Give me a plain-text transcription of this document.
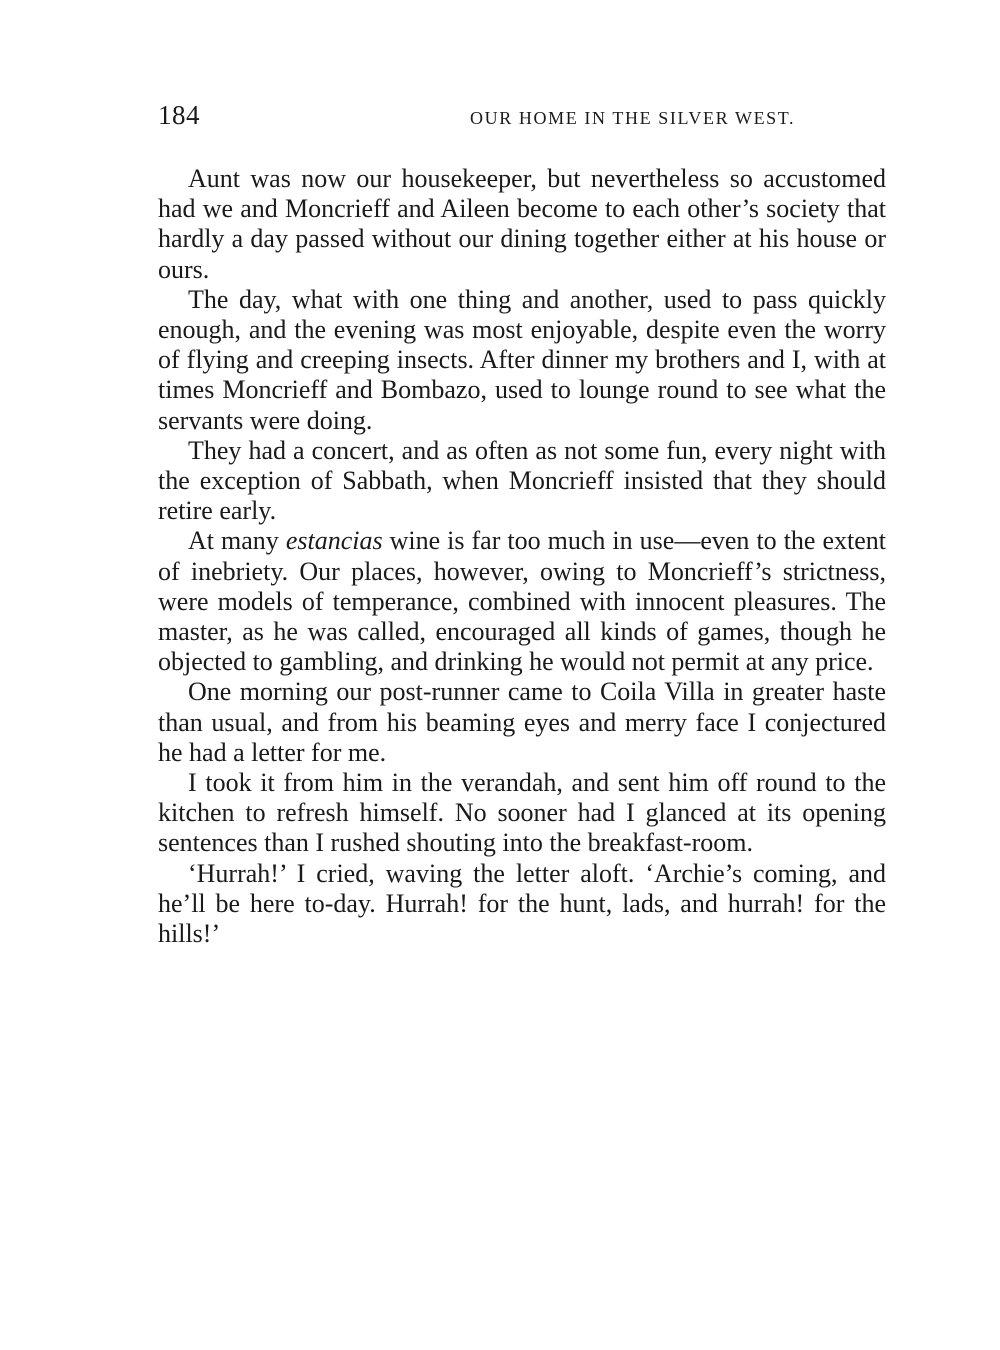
184	OUR HOME IN THE SILVER WEST.

Aunt was now our housekeeper, but nevertheless so accustomed had we and Moncrieff and Aileen become to each other’s society that hardly a day passed without our dining together either at his house or ours.

The day, what with one thing and another, used to pass quickly enough, and the evening was most enjoyable, despite even the worry of flying and creeping insects. After dinner my brothers and I, with at times Moncrieff and Bombazo, used to lounge round to see what the servants were doing.

They had a concert, and as often as not some fun, every night with the exception of Sabbath, when Moncrieff insisted that they should retire early.

At many estancias wine is far too much in use—even to the extent of inebriety. Our places, however, owing to Moncrieff’s strictness, were models of temperance, combined with innocent pleasures. The master, as he was called, encouraged all kinds of games, though he objected to gambling, and drinking he would not permit at any price.

One morning our post-runner came to Coila Villa in greater haste than usual, and from his beaming eyes and merry face I conjectured he had a letter for me.

I took it from him in the verandah, and sent him off round to the kitchen to refresh himself. No sooner had I glanced at its opening sentences than I rushed shouting into the breakfast-room.

‘Hurrah!’ I cried, waving the letter aloft. ‘Archie’s coming, and he’ll be here to-day. Hurrah! for the hunt, lads, and hurrah! for the hills!’
